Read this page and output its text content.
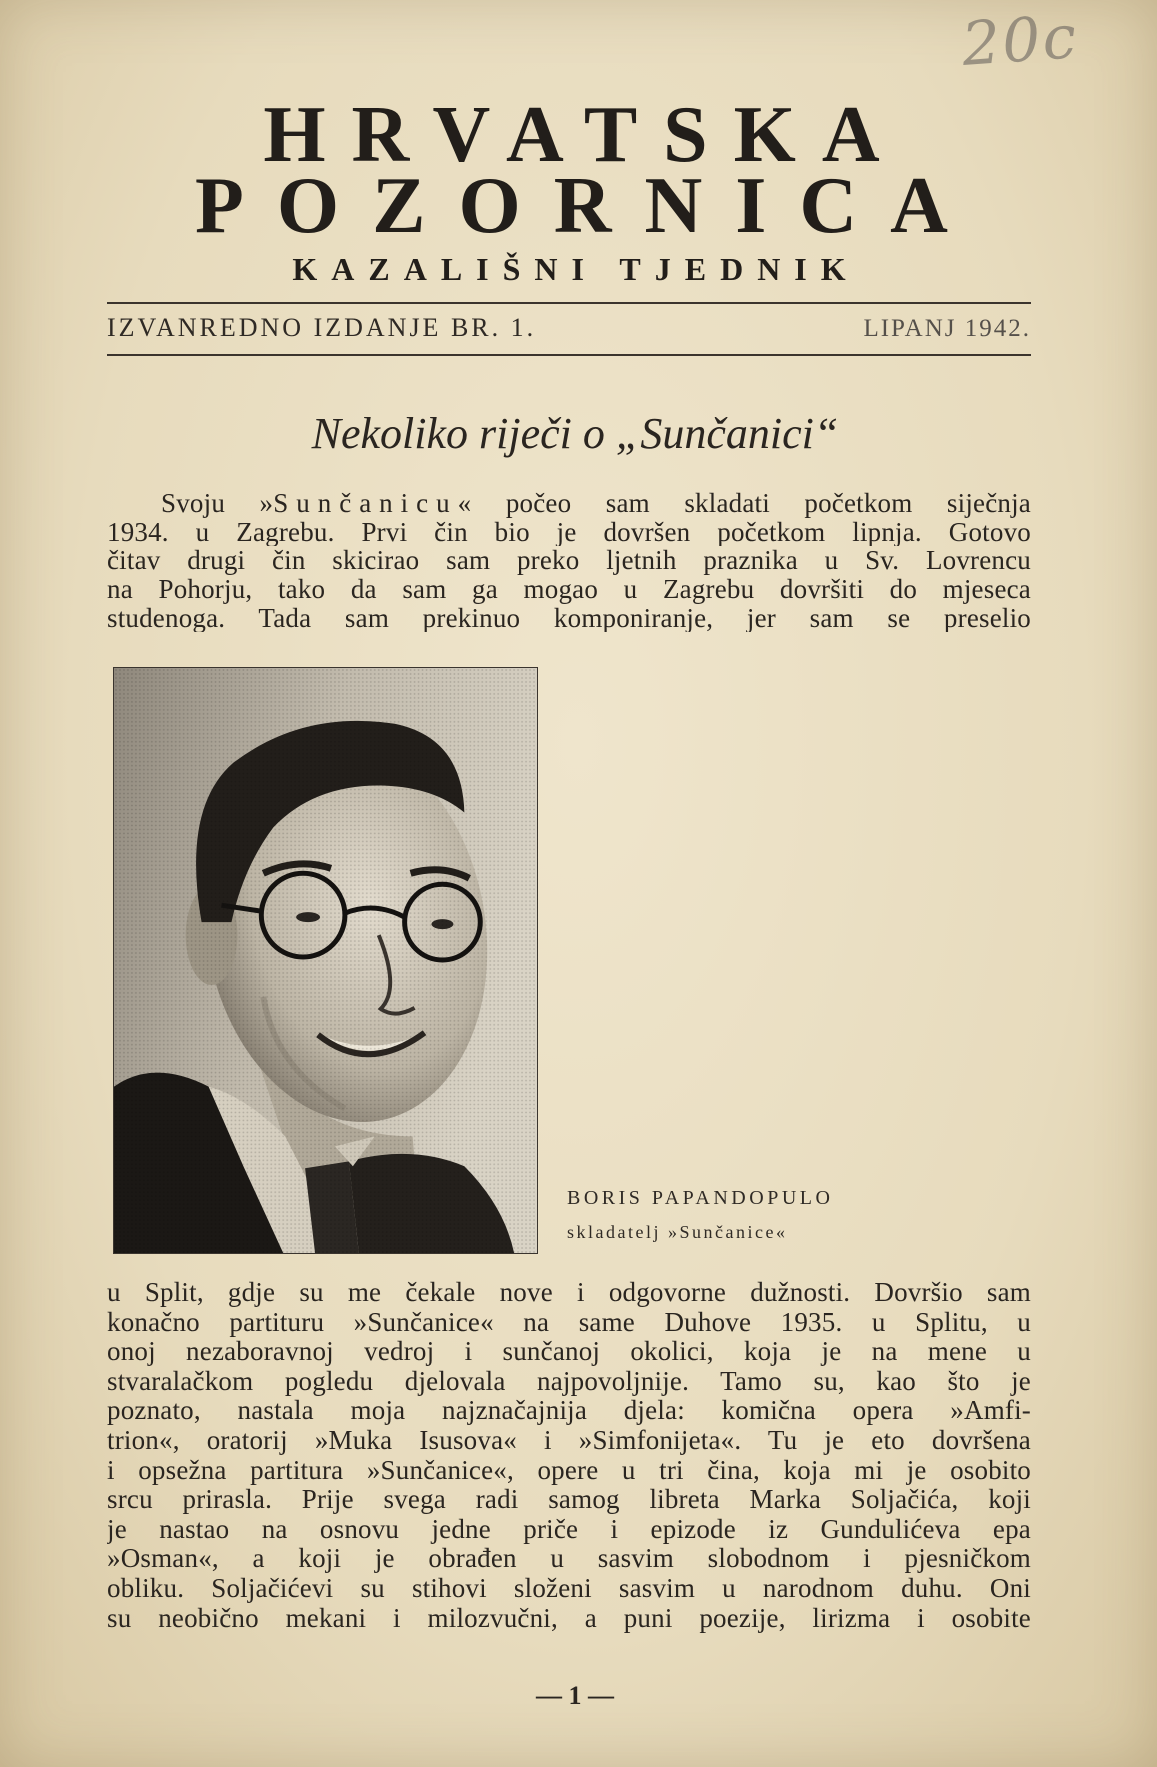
20c
HRVATSKA
POZORNICA
KAZALIŠNI TJEDNIK
IZVANREDNO IZDANJE BR. 1.	LIPANJ 1942.
Nekoliko riječi o „Sunčanici“
Svoju »Sunčanicu« počeo sam skladati početkom siječnja
1934. u Zagrebu. Prvi čin bio je dovršen početkom lipnja. Gotovo
čitav drugi čin skicirao sam preko ljetnih praznika u Sv. Lovrencu
na Pohorju, tako da sam ga mogao u Zagrebu dovršiti do mjeseca
studenoga. Tada sam prekinuo komponiranje, jer sam se preselio
BORIS PAPANDOPULO
skladatelj »Sunčanice«
u Split, gdje su me čekale nove i odgovorne dužnosti. Dovršio sam
konačno partituru »Sunčanice« na same Duhove 1935. u Splitu, u
onoj nezaboravnoj vedroj i sunčanoj okolici, koja je na mene u
stvaralačkom pogledu djelovala najpovoljnije. Tamo su, kao što je
poznato, nastala moja najznačajnija djela: komična opera »Amfi-
trion«, oratorij »Muka Isusova« i »Simfonijeta«. Tu je eto dovršena
i opsežna partitura »Sunčanice«, opere u tri čina, koja mi je osobito
srcu prirasla. Prije svega radi samog libreta Marka Soljačića, koji
je nastao na osnovu jedne priče i epizode iz Gundulićeva epa
»Osman«, a koji je obrađen u sasvim slobodnom i pjesničkom
obliku. Soljačićevi su stihovi složeni sasvim u narodnom duhu. Oni
su neobično mekani i milozvučni, a puni poezije, lirizma i osobite
— 1 —
